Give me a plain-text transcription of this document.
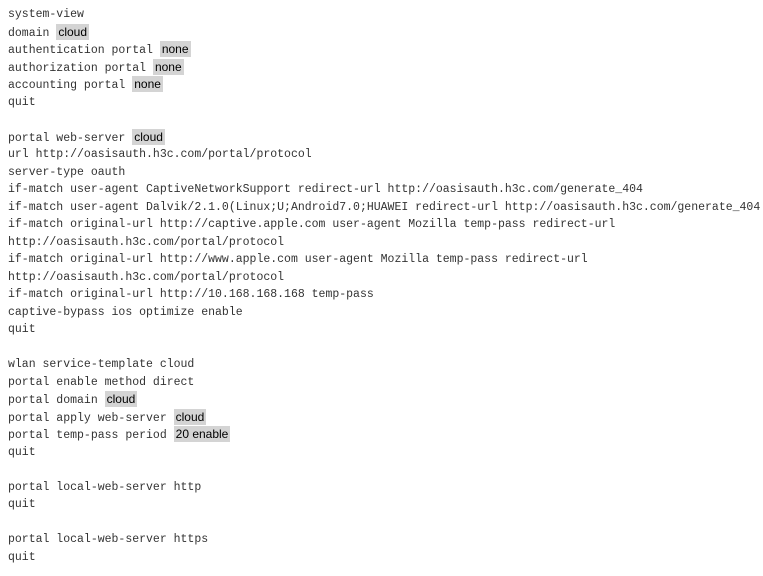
system-view
domain cloud
authentication portal none
authorization portal none
accounting portal none
quit
portal web-server cloud
url http://oasisauth.h3c.com/portal/protocol
server-type oauth
if-match user-agent CaptiveNetworkSupport redirect-url http://oasisauth.h3c.com/generate_404
if-match user-agent Dalvik/2.1.0(Linux;U;Android7.0;HUAWEI redirect-url http://oasisauth.h3c.com/generate_404
if-match original-url http://captive.apple.com user-agent Mozilla temp-pass redirect-url
http://oasisauth.h3c.com/portal/protocol
if-match original-url http://www.apple.com user-agent Mozilla temp-pass redirect-url
http://oasisauth.h3c.com/portal/protocol
if-match original-url http://10.168.168.168 temp-pass
captive-bypass ios optimize enable
quit
wlan service-template cloud
portal enable method direct
portal domain cloud
portal apply web-server cloud
portal temp-pass period 20 enable
quit
portal local-web-server http
quit
portal local-web-server https
quit
